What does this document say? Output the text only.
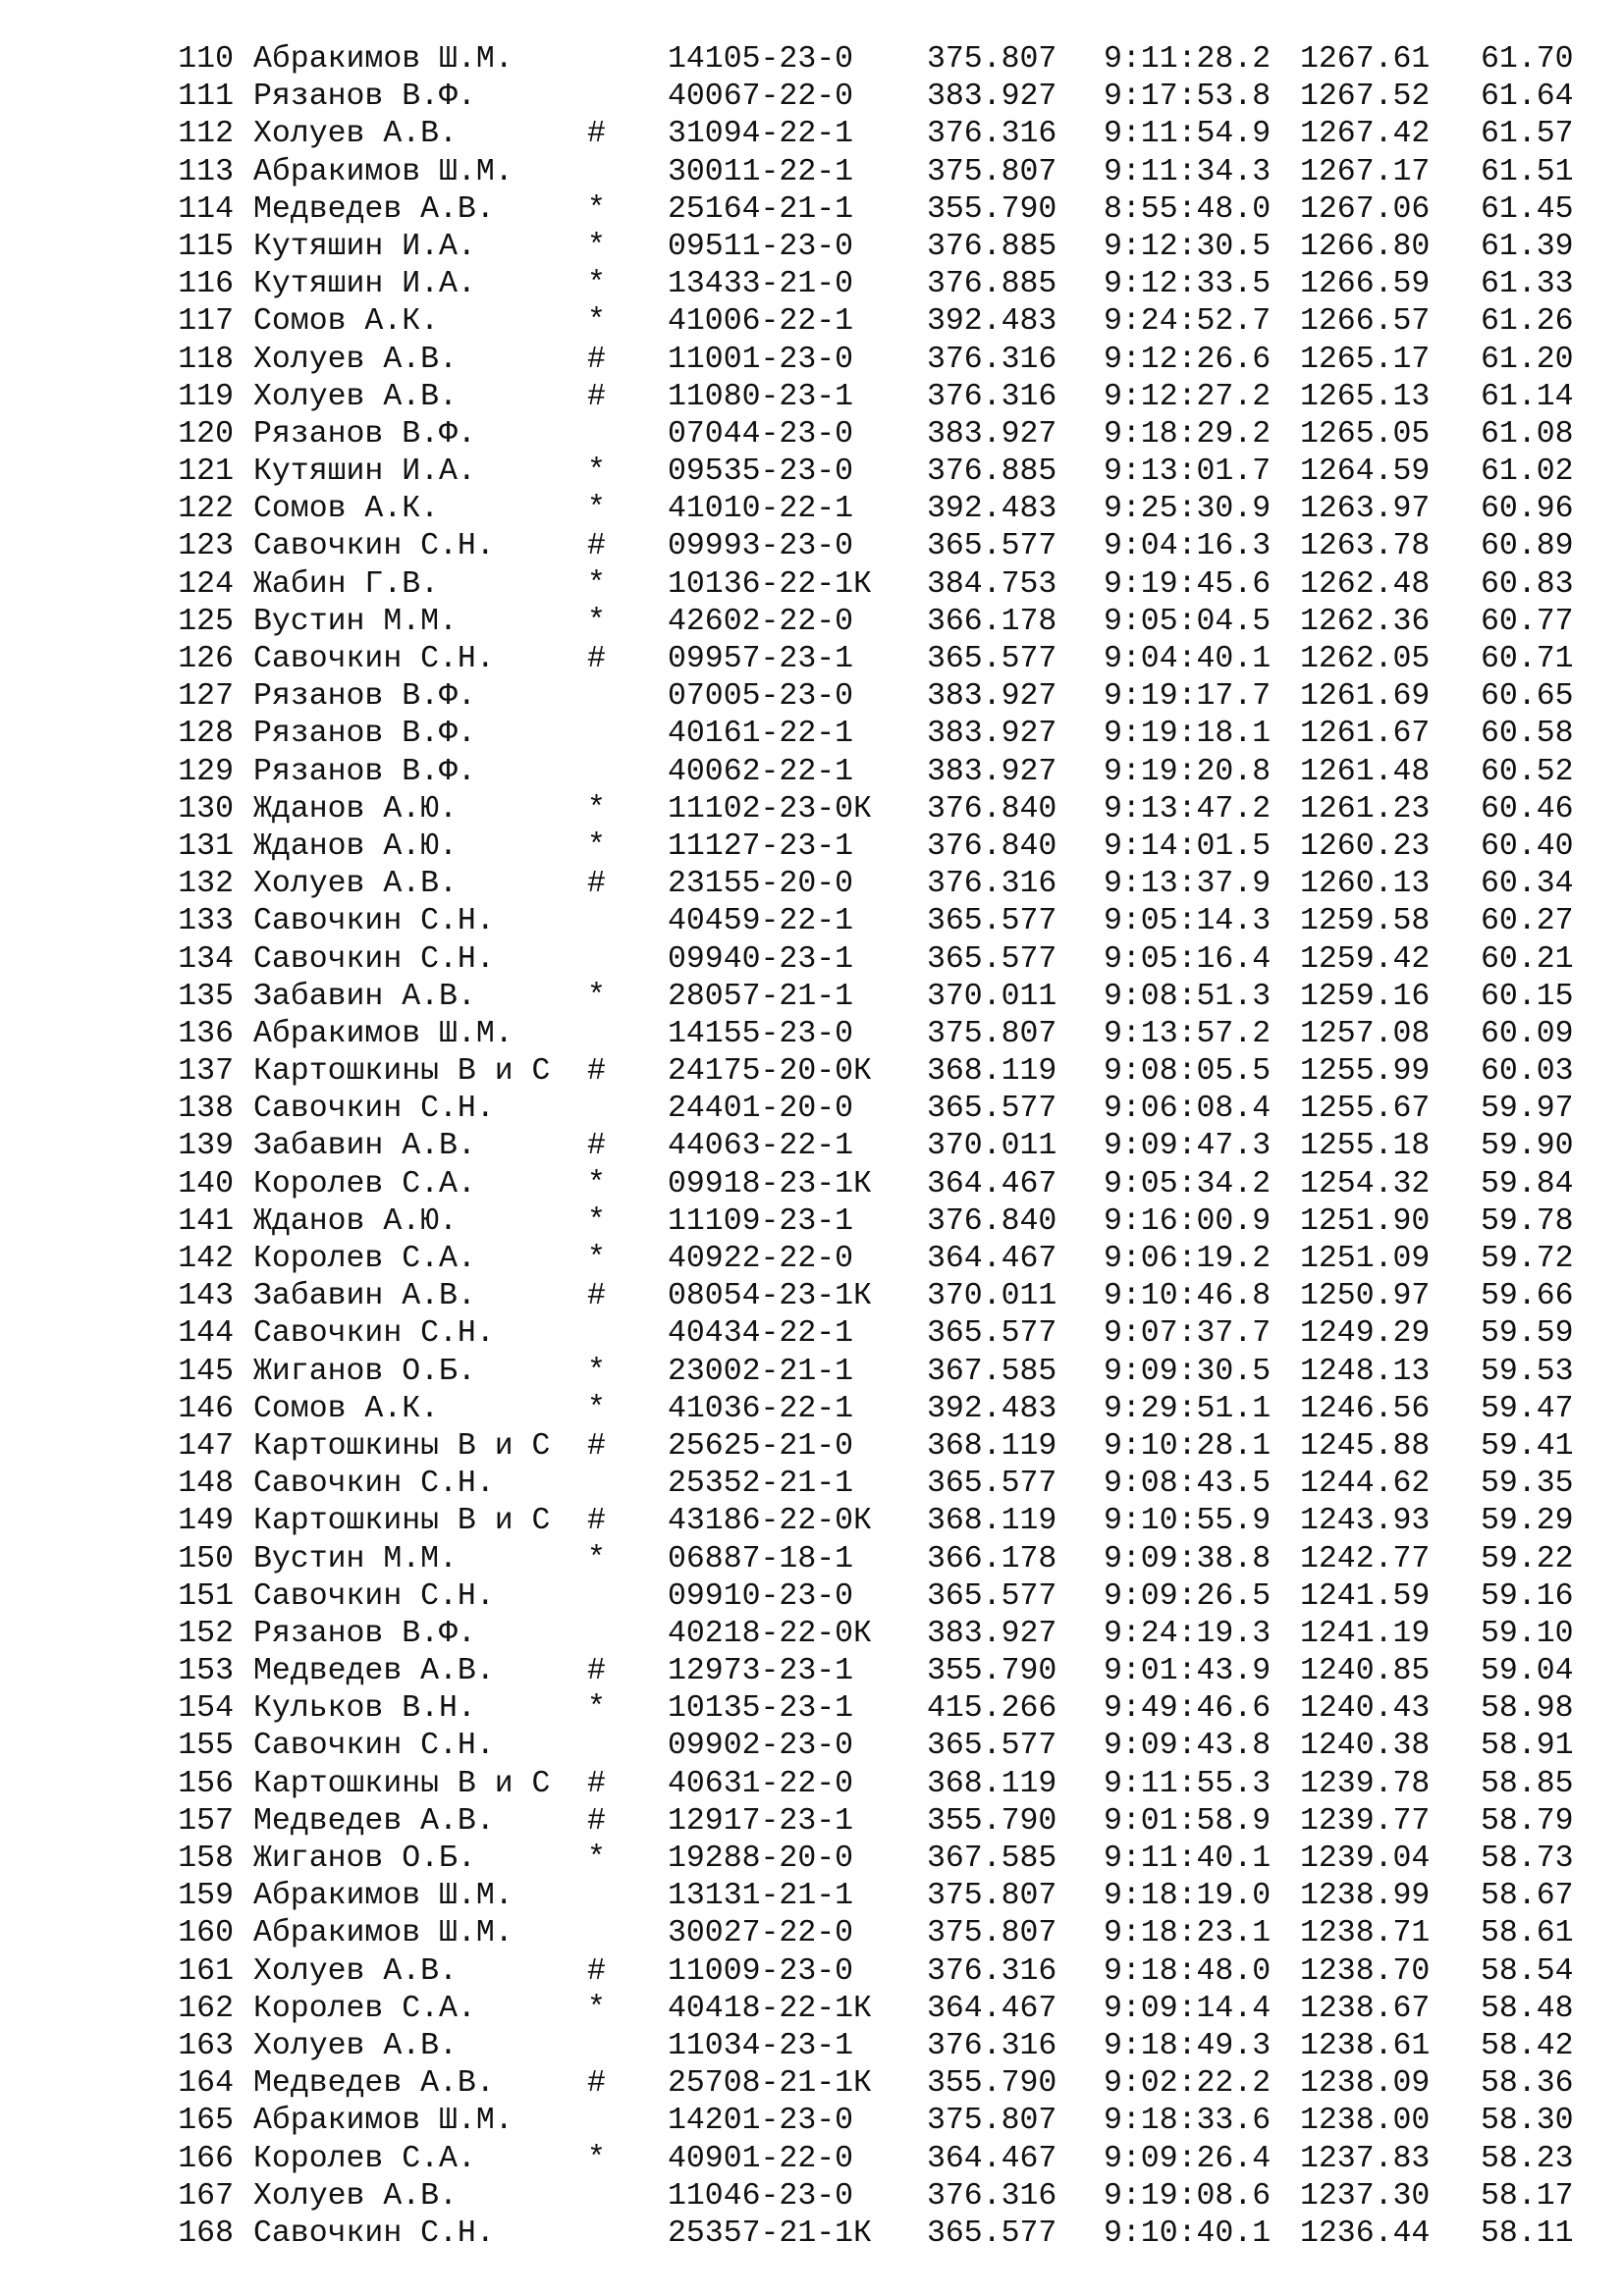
110 Абракимов Ш.М.	14105-23-0 375.807 9:11:28.2 1267.61 61.70
111 Рязанов В.Ф.	40067-22-0 383.927 9:17:53.8 1267.52 61.64
112 Холуев А.В.	# 31094-22-1 376.316 9:11:54.9 1267.42 61.57
113 Абракимов Ш.М.	30011-22-1 375.807 9:11:34.3 1267.17 61.51
114 Медведев А.В.	* 25164-21-1 355.790 8:55:48.0 1267.06 61.45
115 Кутяшин И.А.	* 09511-23-0 376.885 9:12:30.5 1266.80 61.39
116 Кутяшин И.А.	* 13433-21-0 376.885 9:12:33.5 1266.59 61.33
117 Сомов А.К.	* 41006-22-1 392.483 9:24:52.7 1266.57 61.26
118 Холуев А.В.	# 11001-23-0 376.316 9:12:26.6 1265.17 61.20
119 Холуев А.В.	# 11080-23-1 376.316 9:12:27.2 1265.13 61.14
120 Рязанов В.Ф.	07044-23-0 383.927 9:18:29.2 1265.05 61.08
121 Кутяшин И.А.	* 09535-23-0 376.885 9:13:01.7 1264.59 61.02
122 Сомов А.К.	* 41010-22-1 392.483 9:25:30.9 1263.97 60.96
123 Савочкин С.Н.	# 09993-23-0 365.577 9:04:16.3 1263.78 60.89
124 Жабин Г.В.	* 10136-22-1К 384.753 9:19:45.6 1262.48 60.83
125 Вустин М.М.	* 42602-22-0 366.178 9:05:04.5 1262.36 60.77
126 Савочкин С.Н.	# 09957-23-1 365.577 9:04:40.1 1262.05 60.71
127 Рязанов В.Ф.	07005-23-0 383.927 9:19:17.7 1261.69 60.65
128 Рязанов В.Ф.	40161-22-1 383.927 9:19:18.1 1261.67 60.58
129 Рязанов В.Ф.	40062-22-1 383.927 9:19:20.8 1261.48 60.52
130 Жданов А.Ю.	* 11102-23-0К 376.840 9:13:47.2 1261.23 60.46
131 Жданов А.Ю.	* 11127-23-1 376.840 9:14:01.5 1260.23 60.40
132 Холуев А.В.	# 23155-20-0 376.316 9:13:37.9 1260.13 60.34
133 Савочкин С.Н.	40459-22-1 365.577 9:05:14.3 1259.58 60.27
134 Савочкин С.Н.	09940-23-1 365.577 9:05:16.4 1259.42 60.21
135 Забавин А.В.	* 28057-21-1 370.011 9:08:51.3 1259.16 60.15
136 Абракимов Ш.М.	14155-23-0 375.807 9:13:57.2 1257.08 60.09
137 Картошкины В и С # 24175-20-0К 368.119 9:08:05.5 1255.99 60.03
138 Савочкин С.Н.	24401-20-0 365.577 9:06:08.4 1255.67 59.97
139 Забавин А.В.	# 44063-22-1 370.011 9:09:47.3 1255.18 59.90
140 Королев С.А.	* 09918-23-1К 364.467 9:05:34.2 1254.32 59.84
141 Жданов А.Ю.	* 11109-23-1 376.840 9:16:00.9 1251.90 59.78
142 Королев С.А.	* 40922-22-0 364.467 9:06:19.2 1251.09 59.72
143 Забавин А.В.	# 08054-23-1К 370.011 9:10:46.8 1250.97 59.66
144 Савочкин С.Н.	40434-22-1 365.577 9:07:37.7 1249.29 59.59
145 Жиганов О.Б.	* 23002-21-1 367.585 9:09:30.5 1248.13 59.53
146 Сомов А.К.	* 41036-22-1 392.483 9:29:51.1 1246.56 59.47
147 Картошкины В и С # 25625-21-0 368.119 9:10:28.1 1245.88 59.41
148 Савочкин С.Н.	25352-21-1 365.577 9:08:43.5 1244.62 59.35
149 Картошкины В и С # 43186-22-0К 368.119 9:10:55.9 1243.93 59.29
150 Вустин М.М.	* 06887-18-1 366.178 9:09:38.8 1242.77 59.22
151 Савочкин С.Н.	09910-23-0 365.577 9:09:26.5 1241.59 59.16
152 Рязанов В.Ф.	40218-22-0К 383.927 9:24:19.3 1241.19 59.10
153 Медведев А.В.	# 12973-23-1 355.790 9:01:43.9 1240.85 59.04
154 Кульков В.Н.	* 10135-23-1 415.266 9:49:46.6 1240.43 58.98
155 Савочкин С.Н.	09902-23-0 365.577 9:09:43.8 1240.38 58.91
156 Картошкины В и С # 40631-22-0 368.119 9:11:55.3 1239.78 58.85
157 Медведев А.В.	# 12917-23-1 355.790 9:01:58.9 1239.77 58.79
158 Жиганов О.Б.	* 19288-20-0 367.585 9:11:40.1 1239.04 58.73
159 Абракимов Ш.М.	13131-21-1 375.807 9:18:19.0 1238.99 58.67
160 Абракимов Ш.М.	30027-22-0 375.807 9:18:23.1 1238.71 58.61
161 Холуев А.В.	# 11009-23-0 376.316 9:18:48.0 1238.70 58.54
162 Королев С.А.	* 40418-22-1К 364.467 9:09:14.4 1238.67 58.48
163 Холуев А.В.	11034-23-1 376.316 9:18:49.3 1238.61 58.42
164 Медведев А.В.	# 25708-21-1К 355.790 9:02:22.2 1238.09 58.36
165 Абракимов Ш.М.	14201-23-0 375.807 9:18:33.6 1238.00 58.30
166 Королев С.А.	* 40901-22-0 364.467 9:09:26.4 1237.83 58.23
167 Холуев А.В.	11046-23-0 376.316 9:19:08.6 1237.30 58.17
168 Савочкин С.Н.	25357-21-1К 365.577 9:10:40.1 1236.44 58.11
